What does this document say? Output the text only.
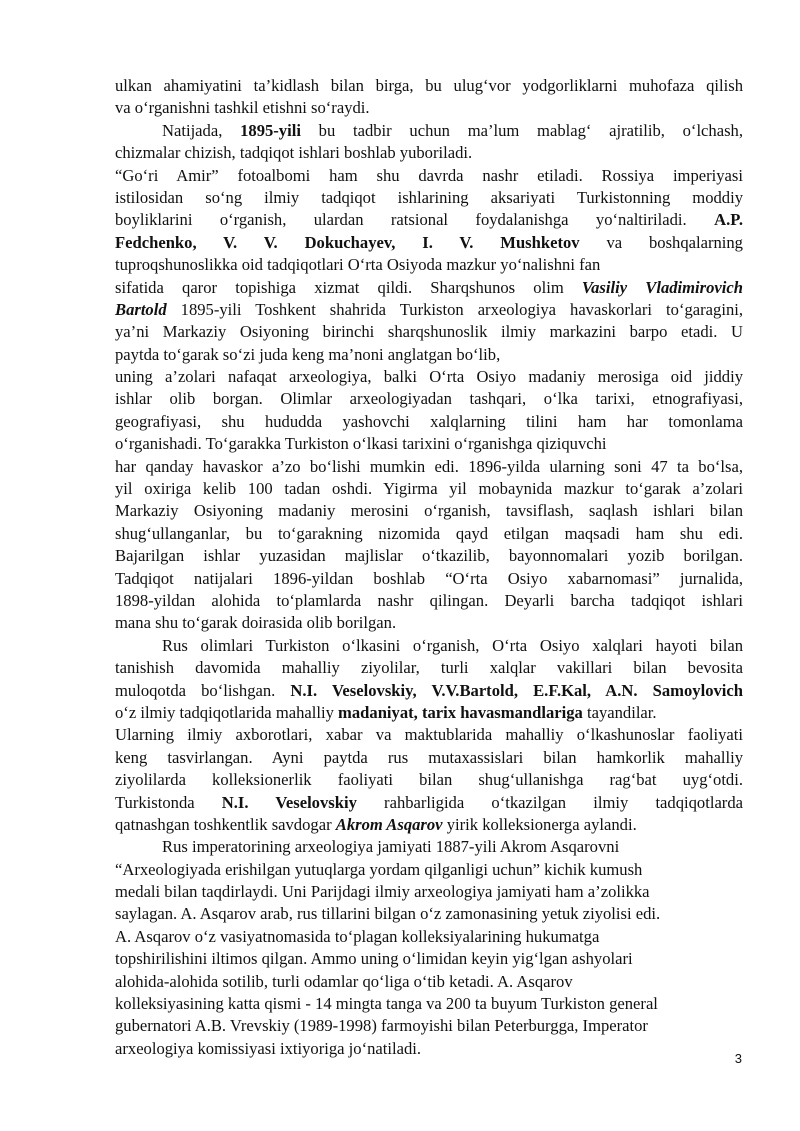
ulkan ahamiyatini ta’kidlash bilan birga, bu ulug‘vor yodgorliklarni muhofaza qilish
va o‘rganishni tashkil etishni so‘raydi.
Natijada, 1895-yili bu tadbir uchun ma’lum mablag‘ ajratilib, o‘lchash,
chizmalar chizish, tadqiqot ishlari boshlab yuboriladi.
“Go‘ri Amir” fotoalbomi ham shu davrda nashr etiladi. Rossiya imperiyasi
istilosidan so‘ng ilmiy tadqiqot ishlarining aksariyati Turkistonning moddiy
boyliklarini o‘rganish, ulardan ratsional foydalanishga yo‘naltiriladi. A.P.
Fedchenko, V. V. Dokuchayev, I. V. Mushketov va boshqalarning
tuproqshunoslikka oid tadqiqotlari O‘rta Osiyoda mazkur yo‘nalishni fan
sifatida qaror topishiga xizmat qildi. Sharqshunos olim Vasiliy Vladimirovich
Bartold 1895-yili Toshkent shahrida Turkiston arxeologiya havaskorlari to‘garagini,
ya’ni Markaziy Osiyoning birinchi sharqshunoslik ilmiy markazini barpo etadi. U
paytda to‘garak so‘zi juda keng ma’noni anglatgan bo‘lib,
uning a’zolari nafaqat arxeologiya, balki O‘rta Osiyo madaniy merosiga oid jiddiy
ishlar olib borgan. Olimlar arxeologiyadan tashqari, o‘lka tarixi, etnografiyasi,
geografiyasi, shu hududda yashovchi xalqlarning tilini ham har tomonlama
o‘rganishadi. To‘garakka Turkiston o‘lkasi tarixini o‘rganishga qiziquvchi
har qanday havaskor a’zo bo‘lishi mumkin edi. 1896-yilda ularning soni 47 ta bo‘lsa,
yil oxiriga kelib 100 tadan oshdi. Yigirma yil mobaynida mazkur to‘garak a’zolari
Markaziy Osiyoning madaniy merosini o‘rganish, tavsiflash, saqlash ishlari bilan
shug‘ullanganlar, bu to‘garakning nizomida qayd etilgan maqsadi ham shu edi.
Bajarilgan ishlar yuzasidan majlislar o‘tkazilib, bayonnomalari yozib borilgan.
Tadqiqot natijalari 1896-yildan boshlab “O‘rta Osiyo xabarnomasi” jurnalida,
1898-yildan alohida to‘plamlarda nashr qilingan. Deyarli barcha tadqiqot ishlari
mana shu to‘garak doirasida olib borilgan.
Rus olimlari Turkiston o‘lkasini o‘rganish, O‘rta Osiyo xalqlari hayoti bilan
tanishish davomida mahalliy ziyolilar, turli xalqlar vakillari bilan bevosita
muloqotda bo‘lishgan. N.I. Veselovskiy, V.V.Bartold, E.F.Kal, A.N. Samoylovich
o‘z ilmiy tadqiqotlarida mahalliy madaniyat, tarix havasmandlariga tayandilar.
Ularning ilmiy axborotlari, xabar va maktublarida mahalliy o‘lkashunoslar faoliyati
keng tasvirlangan. Ayni paytda rus mutaxassislari bilan hamkorlik mahalliy
ziyolilarda kolleksionerlik faoliyati bilan shug‘ullanishga rag‘bat uyg‘otdi.
Turkistonda N.I. Veselovskiy rahbarligida o‘tkazilgan ilmiy tadqiqotlarda
qatnashgan toshkentlik savdogar Akrom Asqarov yirik kolleksionerga aylandi.
Rus imperatorining arxeologiya jamiyati 1887-yili Akrom Asqarovni
“Arxeologiyada erishilgan yutuqlarga yordam qilganligi uchun” kichik kumush
medali bilan taqdirlaydi. Uni Parijdagi ilmiy arxeologiya jamiyati ham a’zolikka
saylagan. A. Asqarov arab, rus tillarini bilgan o‘z zamonasining yetuk ziyolisi edi.
A. Asqarov o‘z vasiyatnomasida to‘plagan kolleksiyalarining hukumatga
topshirilishini iltimos qilgan. Ammo uning o‘limidan keyin yig‘lgan ashyolari
alohida-alohida sotilib, turli odamlar qo‘liga o‘tib ketadi. A. Asqarov
kolleksiyasining katta qismi - 14 mingta tanga va 200 ta buyum Turkiston general
gubernatori A.B. Vrevskiy (1989-1998) farmoyishi bilan Peterburgga, Imperator
arxeologiya komissiyasi ixtiyoriga jo‘natiladi.
3
